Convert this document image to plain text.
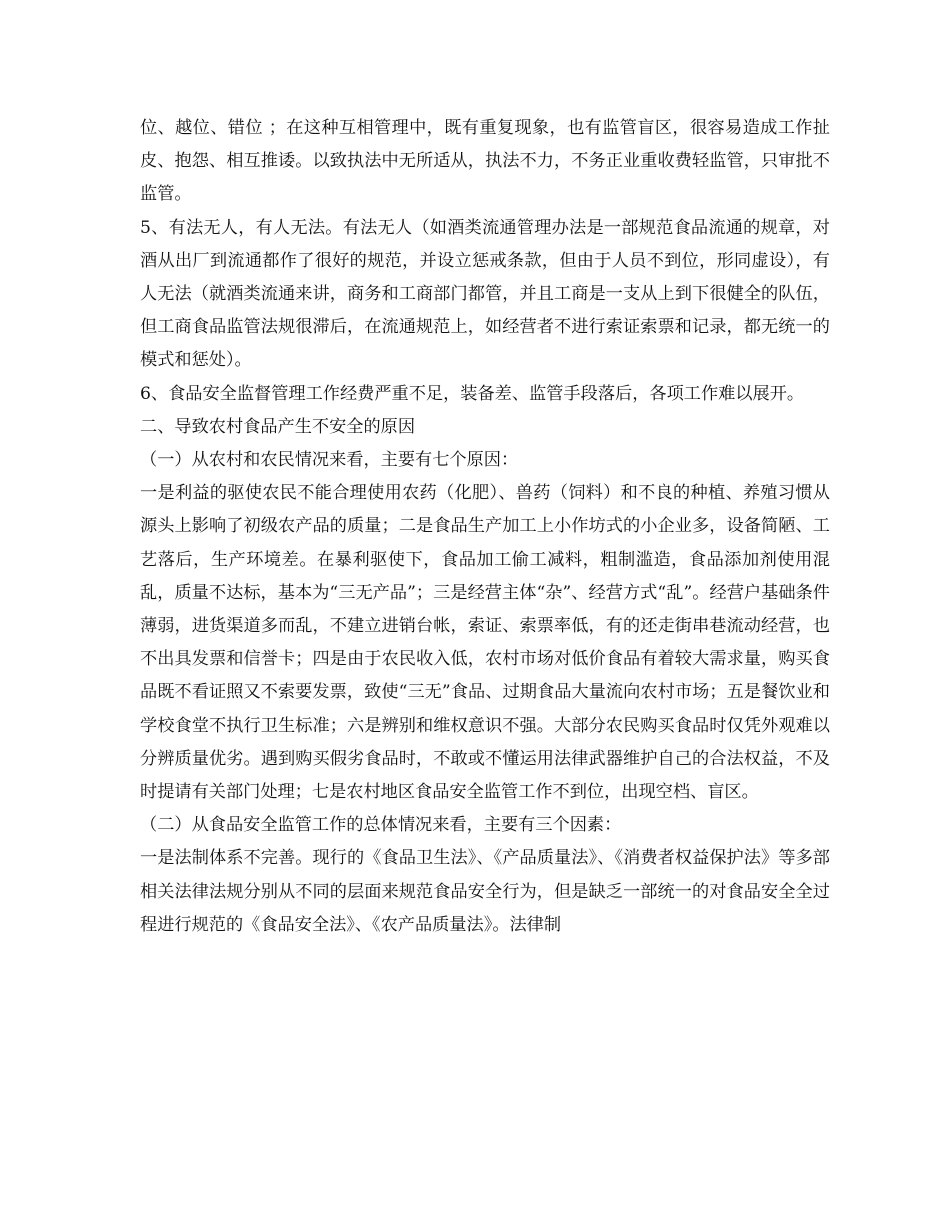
位、越位、错位 ；在这种互相管理中，既有重复现象，也有监管盲区，很容易造成工作扯皮、抱怨、相互推诿。以致执法中无所适从，执法不力，不务正业重收费轻监管，只审批不监管。

5、有法无人，有人无法。有法无人（如酒类流通管理办法是一部规范食品流通的规章，对酒从出厂到流通都作了很好的规范，并设立惩戒条款，但由于人员不到位，形同虚设），有人无法（就酒类流通来讲，商务和工商部门都管，并且工商是一支从上到下很健全的队伍，但工商食品监管法规很滞后，在流通规范上，如经营者不进行索证索票和记录，都无统一的模式和惩处）。

6、食品安全监督管理工作经费严重不足，装备差、监管手段落后，各项工作难以展开。

二、导致农村食品产生不安全的原因

（一）从农村和农民情况来看，主要有七个原因：

一是利益的驱使农民不能合理使用农药（化肥）、兽药（饲料）和不良的种植、养殖习惯从源头上影响了初级农产品的质量；二是食品生产加工上小作坊式的小企业多，设备简陋、工艺落后，生产环境差。在暴利驱使下，食品加工偷工减料，粗制滥造，食品添加剂使用混乱，质量不达标，基本为“三无产品”；三是经营主体“杂”、经营方式“乱”。经营户基础条件薄弱，进货渠道多而乱，不建立进销台帐，索证、索票率低，有的还走街串巷流动经营，也不出具发票和信誉卡；四是由于农民收入低，农村市场对低价食品有着较大需求量，购买食品既不看证照又不索要发票，致使“三无”食品、过期食品大量流向农村市场；五是餐饮业和学校食堂不执行卫生标准；六是辨别和维权意识不强。大部分农民购买食品时仅凭外观难以分辨质量优劣。遇到购买假劣食品时，不敢或不懂运用法律武器维护自己的合法权益，不及时提请有关部门处理；七是农村地区食品安全监管工作不到位，出现空档、盲区。

（二）从食品安全监管工作的总体情况来看，主要有三个因素：

一是法制体系不完善。现行的《食品卫生法》、《产品质量法》、《消费者权益保护法》等多部相关法律法规分别从不同的层面来规范食品安全行为，但是缺乏一部统一的对食品安全全过程进行规范的《食品安全法》、《农产品质量法》。法律制
